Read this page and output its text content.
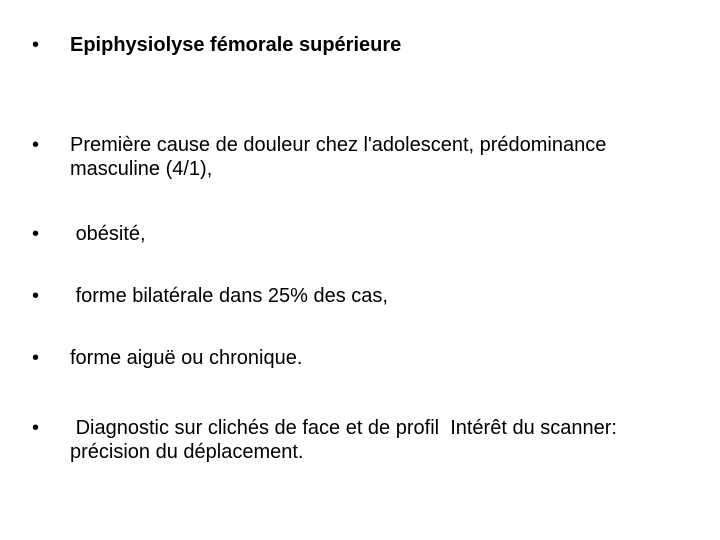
•	Epiphysiolyse fémorale supérieure
•	Première cause de douleur chez l'adolescent, prédominance masculine (4/1),
•	obésité,
•	forme bilatérale dans 25% des cas,
•	forme aiguë ou chronique.
•	Diagnostic sur clichés de face et de profil  Intérêt du scanner: précision du déplacement.
